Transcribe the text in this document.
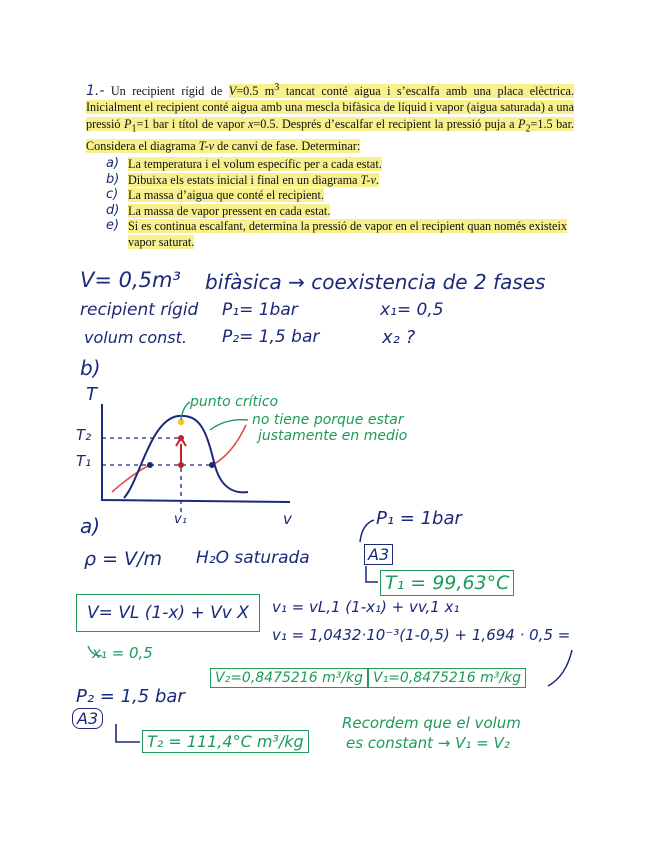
1.- Un recipient rígid de V=0.5 $m^3$ tancat conté aigua i s’escalfa amb una placa elèctrica. Inicialment el recipient conté aigua amb una mescla bifàsica de líquid i vapor (aigua saturada) a una pressió $P_1=1$ bar i títol de vapor x=0.5. Després d’escalfar el recipient la pressió puja a $P_2=1.5$ bar. Considera el diagrama T-v de canvi de fase. Determinar:
a) La temperatura i el volum específic per a cada estat.
b) Dibuixa els estats inicial i final en un diagrama T-v.
c) La massa d’aigua que conté el recipient.
d) La massa de vapor pressent en cada estat.
e) Si es continua escalfant, determina la pressió de vapor en el recipient quan només existeix vapor saturat.
V= 0,5m³ bifàsica → coexistencia de 2 fases
recipient rígid
volum const.
P₁= 1bar
P₂= 1,5 bar
x₁= 0,5
x₂ ?
b)
T
T₂
T₁
v
v₁
punto crítico
no tiene porque estar
justamente en medio
a)	P₁ = 1bar
ρ = V/m H₂O saturada	A3
T₁ = 99,63°C
V= VL (1-x) + Vv X	v₁ = vL,1 (1-x₁) + vv,1 x₁
v₁ = 1,0432·10⁻³(1-0,5) + 1,694 · 0,5 =
x₁ = 0,5
V₂=0,8475216 m³/kg V₁=0,8475216 m³/kg
P₂ = 1,5 bar
A3
T₂ = 111,4°C m³/kg
Recordem que el volum
es constant → V₁ = V₂
